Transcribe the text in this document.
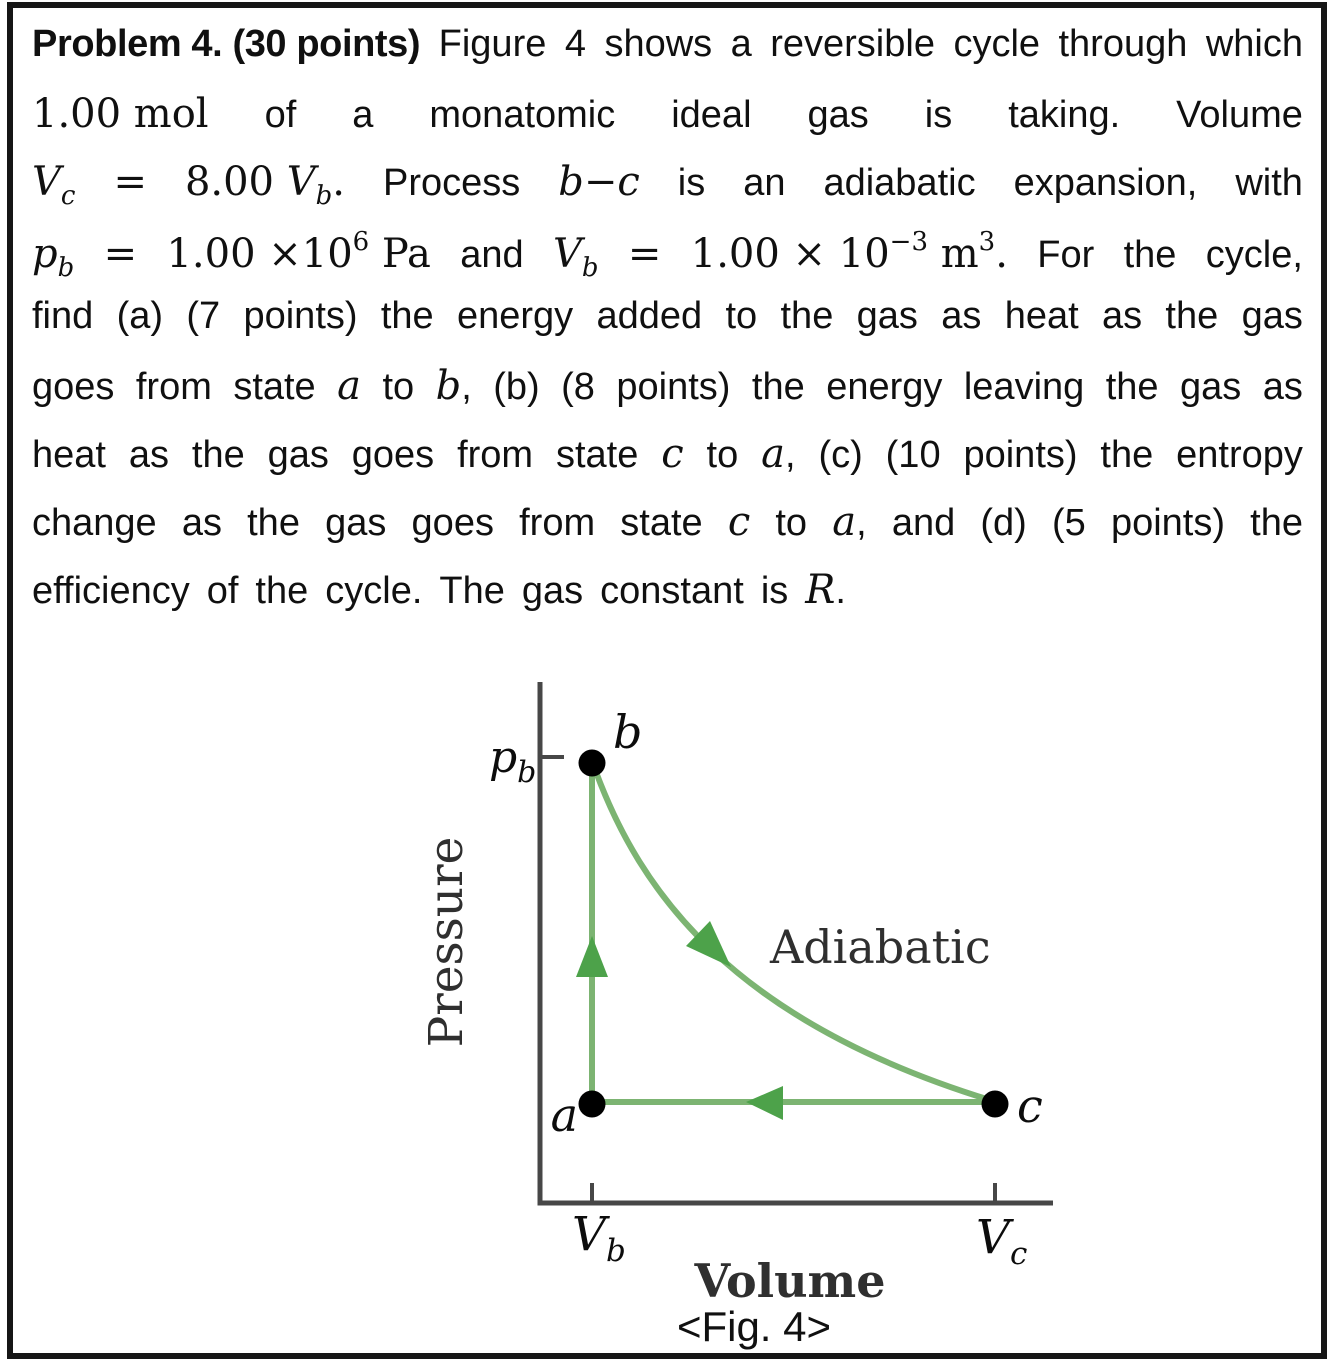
Problem 4. (30 points) Figure 4 shows a reversible cycle through which
1.00 mol of a monatomic ideal gas is taking. Volume
$V_c = 8.00$ $V_b$. Process b−c is an adiabatic expansion, with
$p_b = 1.00 \times 10^6$ Pa and $V_b = 1.00 \times 10^{-3}$ $m^3$. For the cycle,
find (a) (7 points) the energy added to the gas as heat as the gas
goes from state a to b, (b) (8 points) the energy leaving the gas as
heat as the gas goes from state c to a, (c) (10 points) the entropy
change as the gas goes from state c to a, and (d) (5 points) the
efficiency of the cycle. The gas constant is R.
b
a	c
$p_b$
$V_b$	$V_c$
Adiabatic
Pressure
Volume
<Fig. 4>
